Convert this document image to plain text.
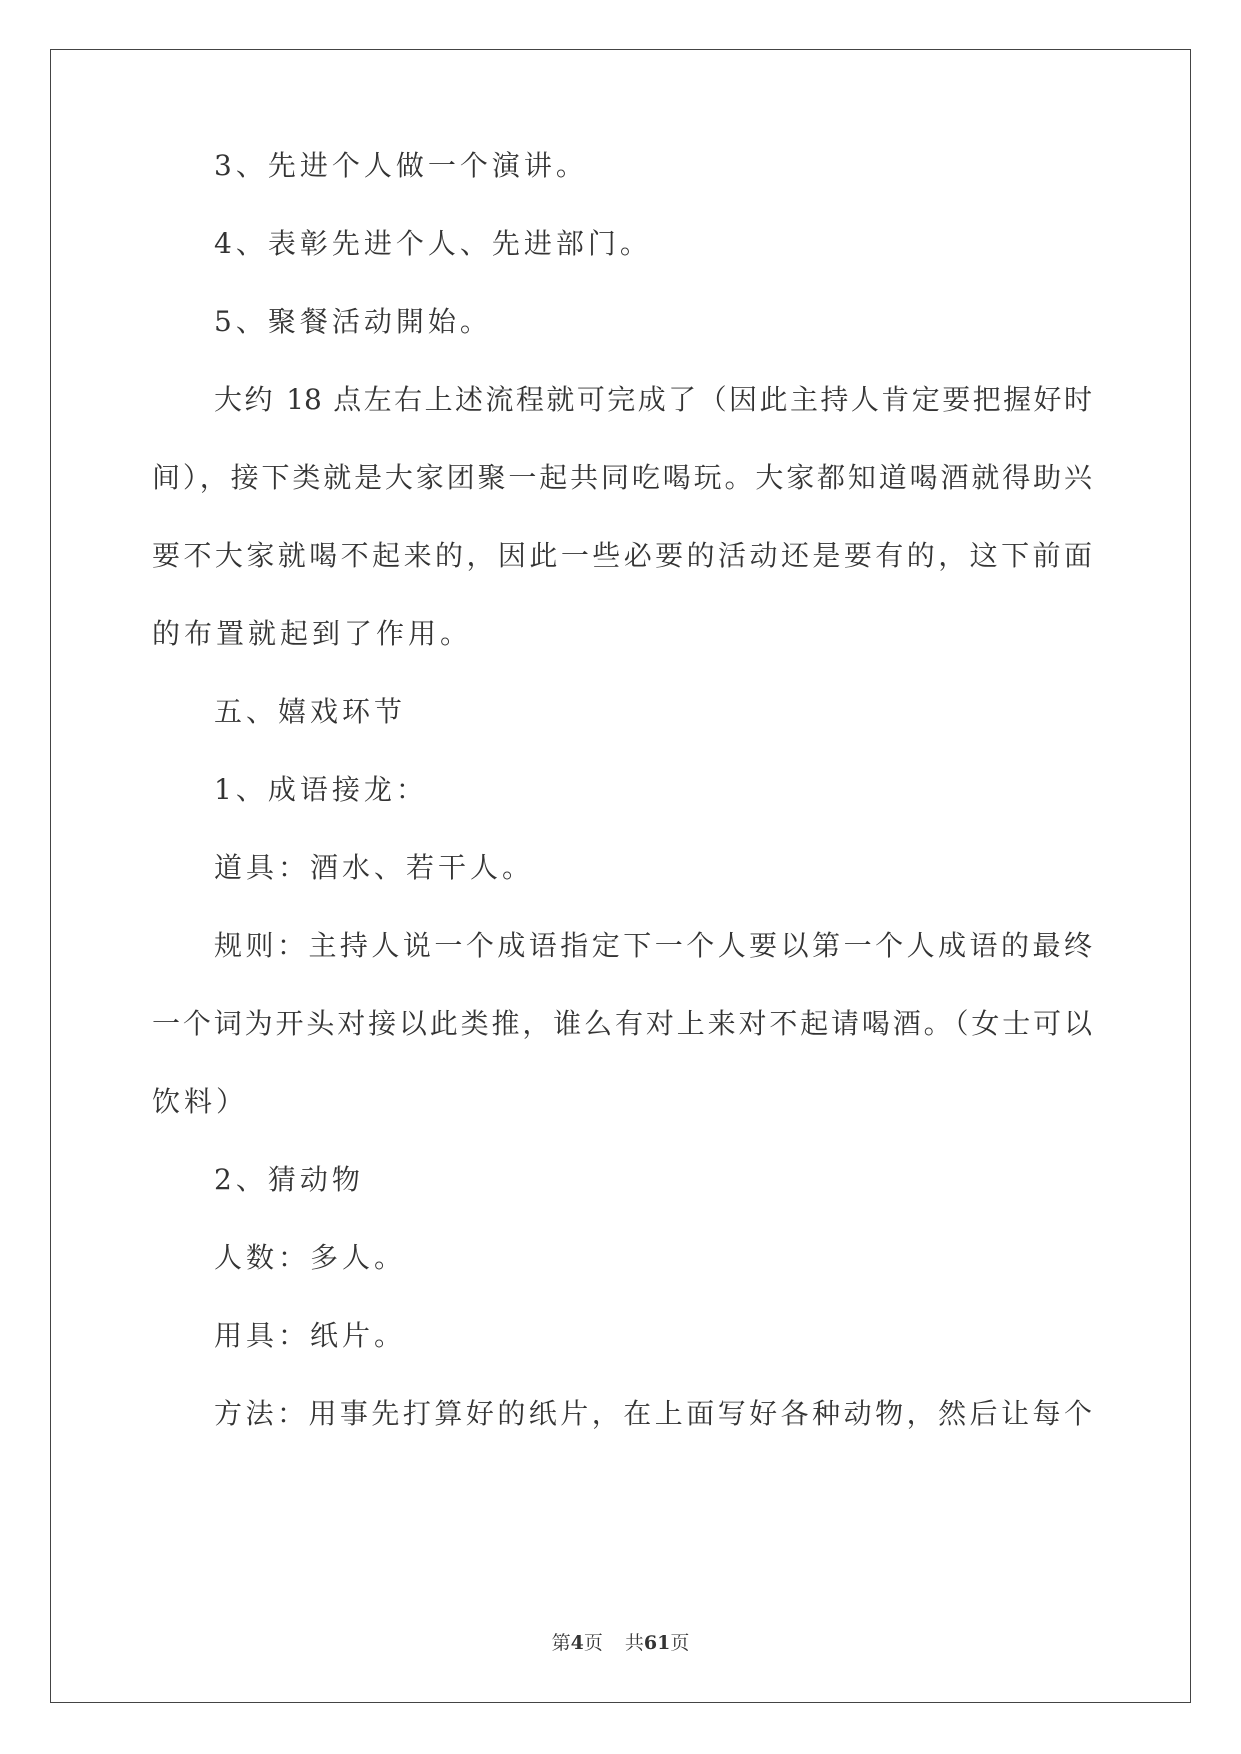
3、先进个人做一个演讲。
4、表彰先进个人、先进部门。
5、聚餐活动開始。
大约 18 点左右上述流程就可完成了（因此主持人肯定要把握好时
间），接下类就是大家团聚一起共同吃喝玩。大家都知道喝酒就得助兴
要不大家就喝不起来的，因此一些必要的活动还是要有的，这下前面
的布置就起到了作用。
五、嬉戏环节
1、成语接龙：
道具：酒水、若干人。
规则：主持人说一个成语指定下一个人要以第一个人成语的最终
一个词为开头对接以此类推，谁么有对上来对不起请喝酒。（女士可以
饮料）
2、猜动物
人数：多人。
用具：纸片。
方法：用事先打算好的纸片，在上面写好各种动物，然后让每个
第4页 共61页
